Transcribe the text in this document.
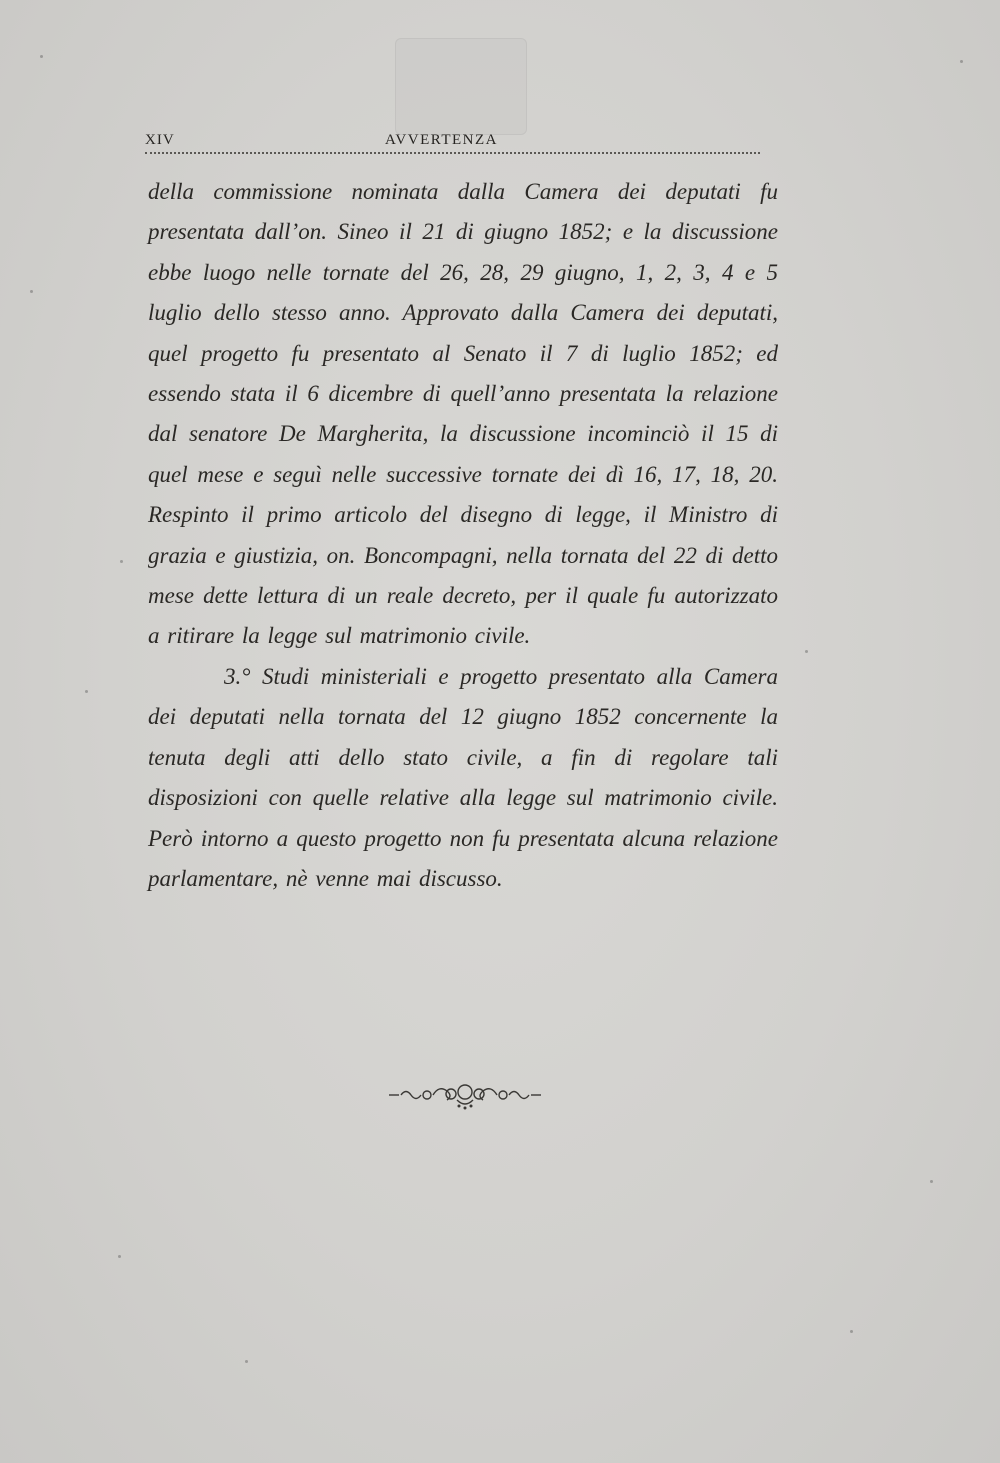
XIV	AVVERTENZA

della commissione nominata dalla Camera dei deputati fu presentata dall’on. Sineo il 21 di giugno 1852; e la discussione ebbe luogo nelle tornate del 26, 28, 29 giugno, 1, 2, 3, 4 e 5 luglio dello stesso anno. Approvato dalla Camera dei deputati, quel progetto fu presentato al Senato il 7 di luglio 1852; ed essendo stata il 6 dicembre di quell’anno presentata la relazione dal senatore De Margherita, la discussione incominciò il 15 di quel mese e seguì nelle successive tornate dei dì 16, 17, 18, 20. Respinto il primo articolo del disegno di legge, il Ministro di grazia e giustizia, on. Boncompagni, nella tornata del 22 di detto mese dette lettura di un reale decreto, per il quale fu autorizzato a ritirare la legge sul matrimonio civile.

3.° Studi ministeriali e progetto presentato alla Camera dei deputati nella tornata del 12 giugno 1852 concernente la tenuta degli atti dello stato civile, a fin di regolare tali disposizioni con quelle relative alla legge sul matrimonio civile. Però intorno a questo progetto non fu presentata alcuna relazione parlamentare, nè venne mai discusso.
